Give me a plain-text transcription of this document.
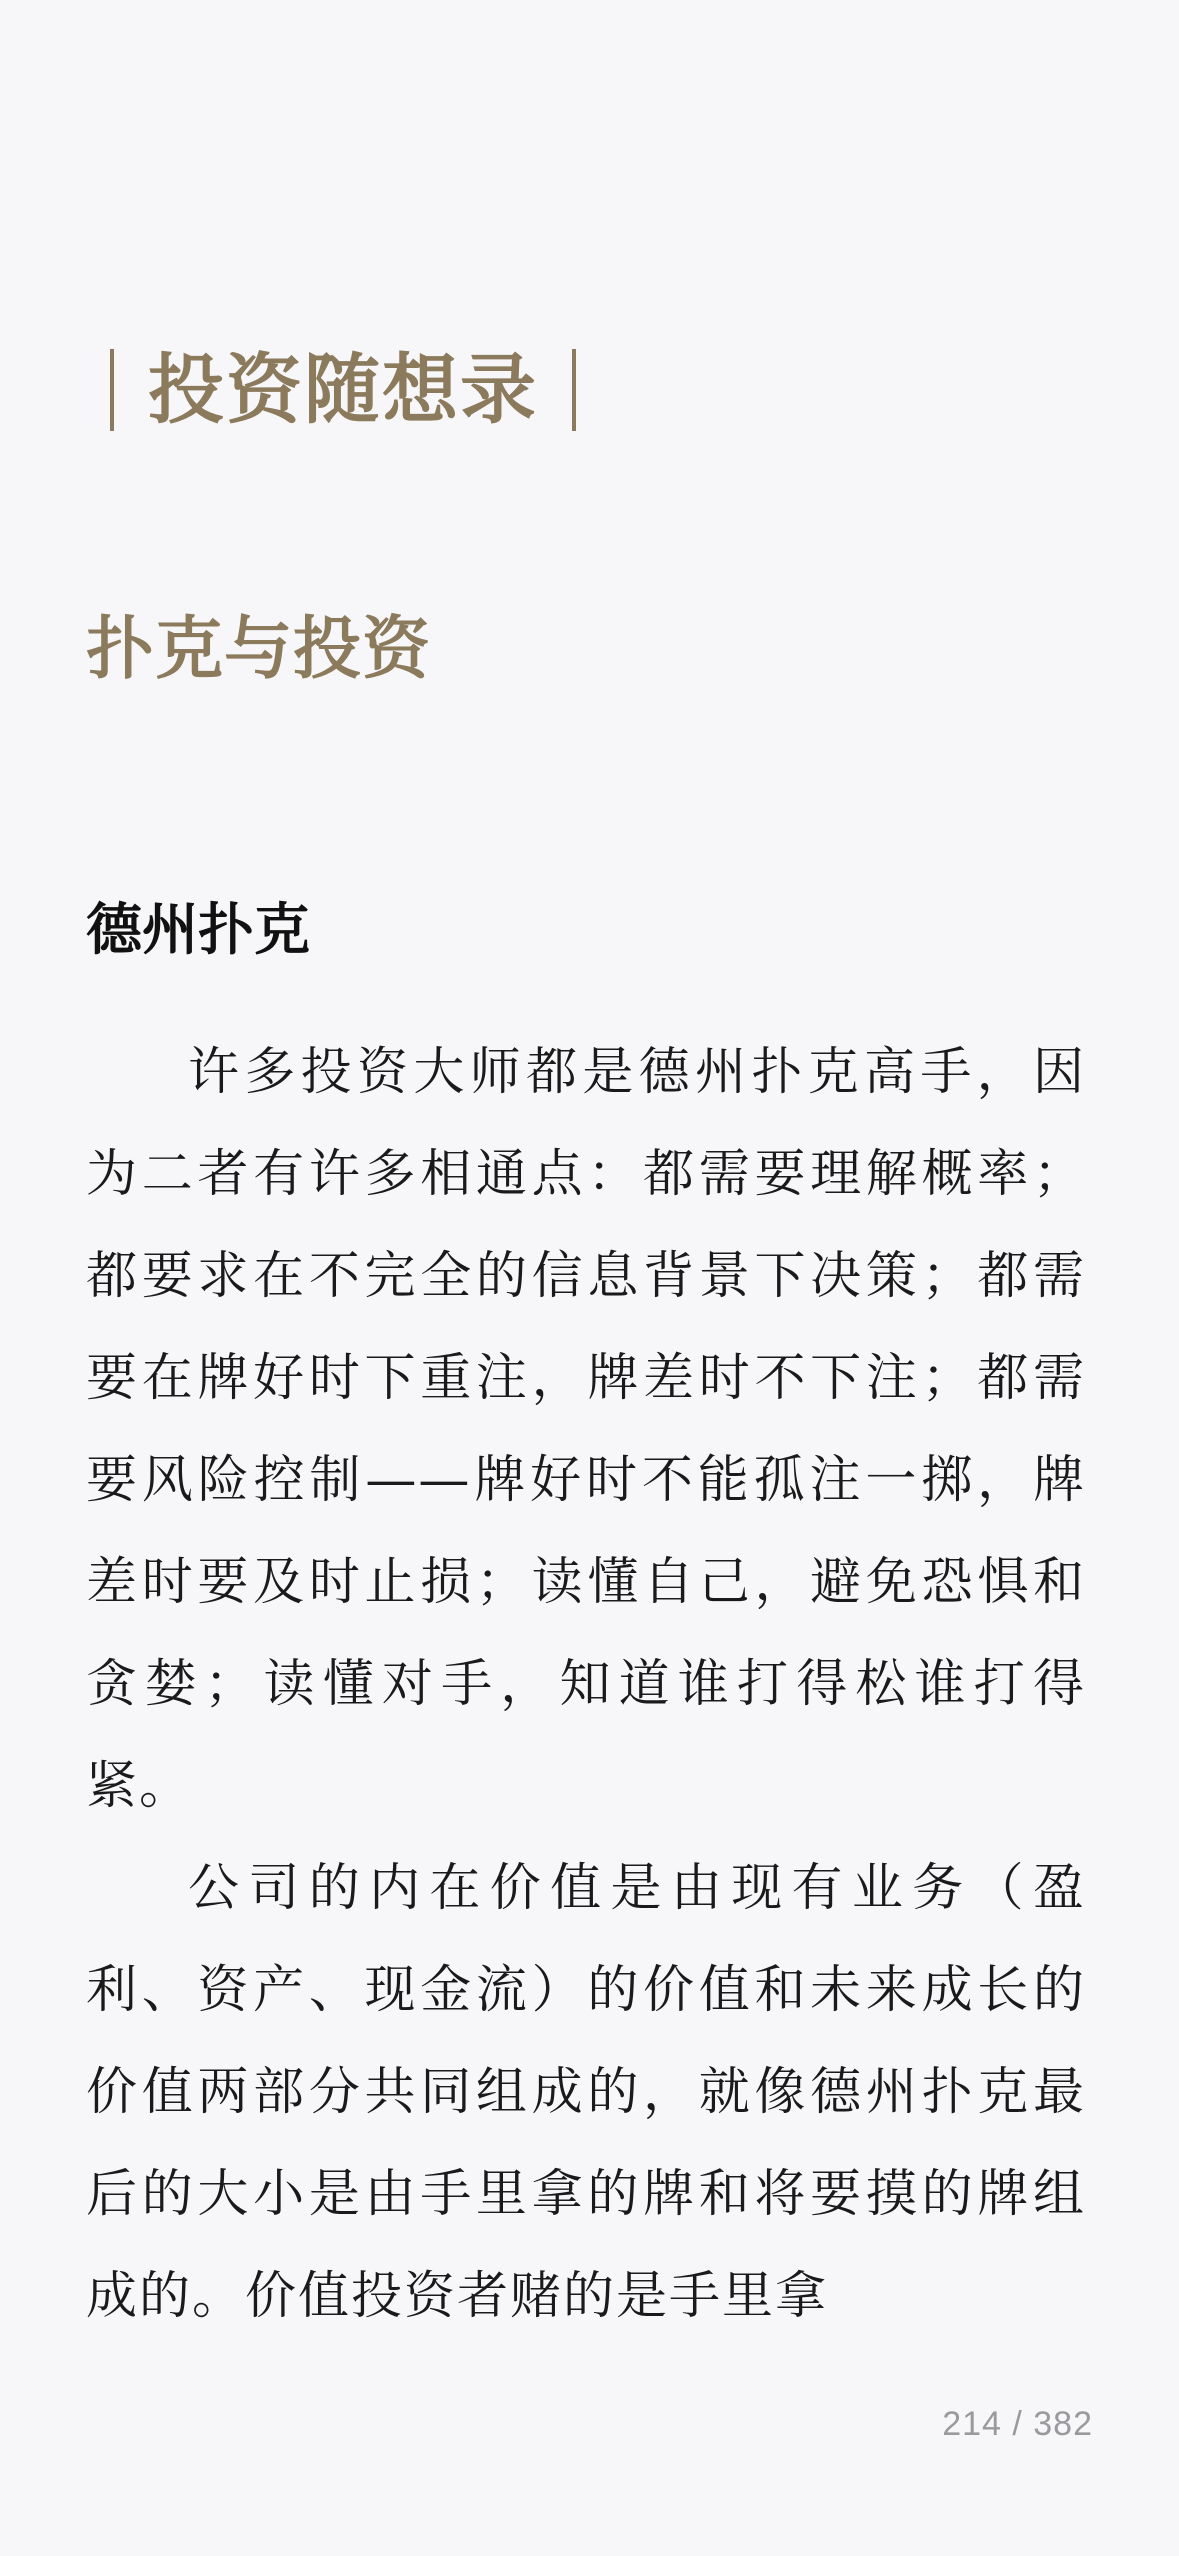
投资随想录
扑克与投资
德州扑克

许多投资大师都是德州扑克高手，因为二者有许多相通点：都需要理解概率；都要求在不完全的信息背景下决策；都需要在牌好时下重注，牌差时不下注；都需要风险控制——牌好时不能孤注一掷，牌差时要及时止损；读懂自己，避免恐惧和贪婪；读懂对手，知道谁打得松谁打得紧。

公司的内在价值是由现有业务（盈利、资产、现金流）的价值和未来成长的价值两部分共同组成的，就像德州扑克最后的大小是由手里拿的牌和将要摸的牌组成的。价值投资者赌的是手里拿

214 / 382
